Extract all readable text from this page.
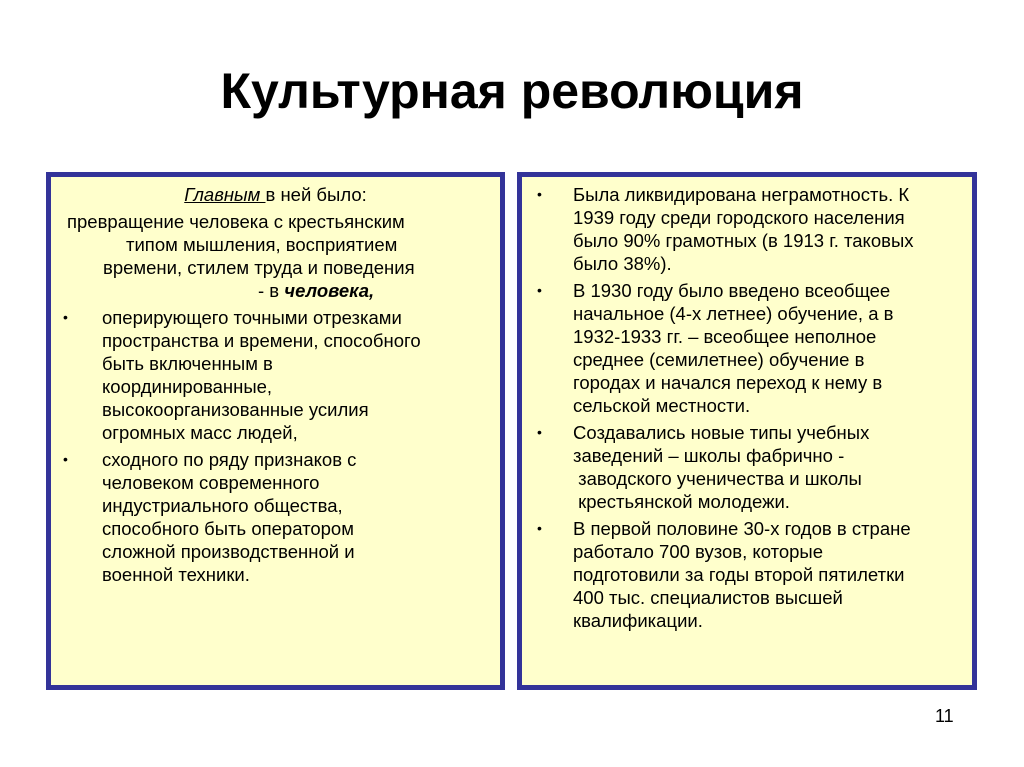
Культурная революция
Главным в ней было:
превращение человека с крестьянским
типом мышления, восприятием
времени, стилем труда и поведения
- в человека,
• оперирующего точными отрезками
пространства и времени, способного
быть включенным в
координированные,
высокоорганизованные усилия
огромных масс людей,
• сходного по ряду признаков с
человеком современного
индустриального общества,
способного быть оператором
сложной производственной и
военной техники.
• Была ликвидирована неграмотность. К
1939 году среди городского населения
было 90% грамотных (в 1913 г. таковых
было 38%).
• В 1930 году было введено всеобщее
начальное (4-х летнее) обучение, а в
1932-1933 гг. – всеобщее неполное
среднее (семилетнее) обучение в
городах и начался переход к нему в
сельской местности.
• Создавались новые типы учебных
заведений – школы фабрично -
заводского ученичества и школы
крестьянской молодежи.
• В первой половине 30-х годов в стране
работало 700 вузов, которые
подготовили за годы второй пятилетки
400 тыс. специалистов высшей
квалификации.
11
